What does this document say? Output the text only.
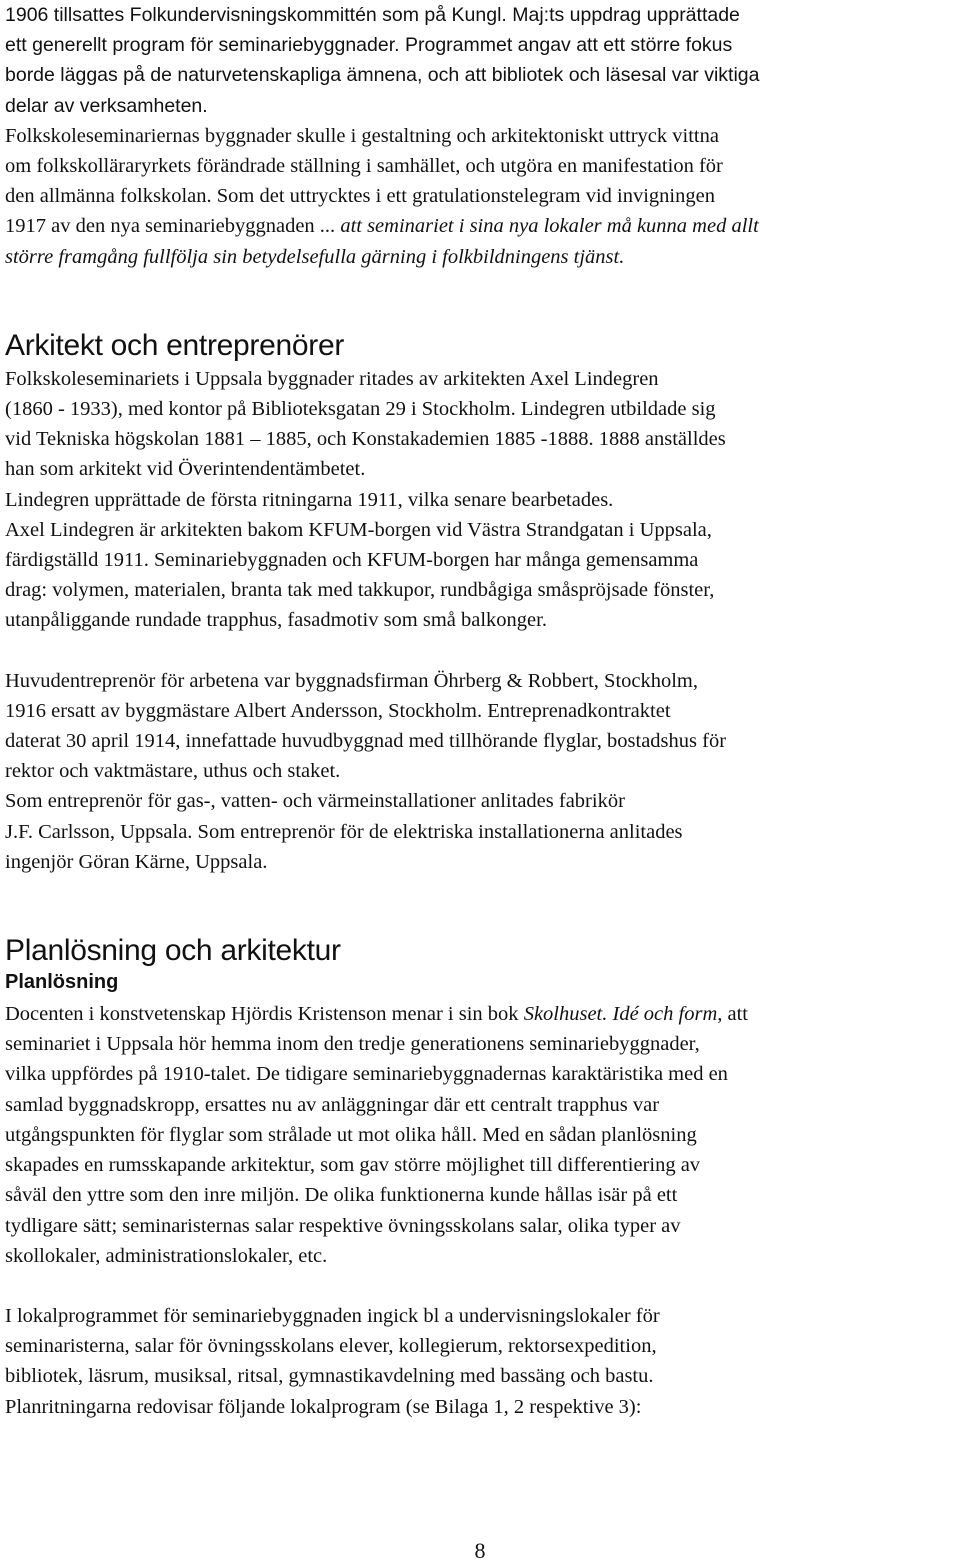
1906 tillsattes Folkundervisningskommittén som på Kungl. Maj:ts uppdrag upprättade

ett generellt program för seminariebyggnader. Programmet angav att ett större fokus

borde läggas på de naturvetenskapliga ämnena, och att bibliotek och läsesal var viktiga

delar av verksamheten.

Folkskoleseminariernas byggnader skulle i gestaltning och arkitektoniskt uttryck vittna

om folkskolläraryrkets förändrade ställning i samhället, och utgöra en manifestation för

den allmänna folkskolan. Som det uttrycktes i ett gratulationstelegram vid invigningen

1917 av den nya seminariebyggnaden ... att seminariet i sina nya lokaler må kunna med allt

större framgång fullfölja sin betydelsefulla gärning i folkbildningens tjänst.

Arkitekt och entreprenörer

Folkskoleseminariets i Uppsala byggnader ritades av arkitekten Axel Lindegren

(1860 - 1933), med kontor på Biblioteksgatan 29 i Stockholm. Lindegren utbildade sig

vid Tekniska högskolan 1881 – 1885, och Konstakademien 1885 -1888. 1888 anställdes

han som arkitekt vid Överintendentämbetet.

Lindegren upprättade de första ritningarna 1911, vilka senare bearbetades.

Axel Lindegren är arkitekten bakom KFUM-borgen vid Västra Strandgatan i Uppsala,

färdigställd 1911. Seminariebyggnaden och KFUM-borgen har många gemensamma

drag: volymen, materialen, branta tak med takkupor, rundbågiga småspröjsade fönster,

utanpåliggande rundade trapphus, fasadmotiv som små balkonger.

Huvudentreprenör för arbetena var byggnadsfirman Öhrberg & Robbert, Stockholm,

1916 ersatt av byggmästare Albert Andersson, Stockholm. Entreprenadkontraktet

daterat 30 april 1914, innefattade huvudbyggnad med tillhörande flyglar, bostadshus för

rektor och vaktmästare, uthus och staket.

Som entreprenör för gas-, vatten- och värmeinstallationer anlitades fabrikör

J.F. Carlsson, Uppsala. Som entreprenör för de elektriska installationerna anlitades

ingenjör Göran Kärne, Uppsala.

Planlösning och arkitektur
Planlösning

Docenten i konstvetenskap Hjördis Kristenson menar i sin bok Skolhuset. Idé och form, att

seminariet i Uppsala hör hemma inom den tredje generationens seminariebyggnader,

vilka uppfördes på 1910-talet. De tidigare seminariebyggnadernas karaktäristika med en

samlad byggnadskropp, ersattes nu av anläggningar där ett centralt trapphus var

utgångspunkten för flyglar som strålade ut mot olika håll. Med en sådan planlösning

skapades en rumsskapande arkitektur, som gav större möjlighet till differentiering av

såväl den yttre som den inre miljön. De olika funktionerna kunde hållas isär på ett

tydligare sätt; seminaristernas salar respektive övningsskolans salar, olika typer av

skollokaler, administrationslokaler, etc.

I lokalprogrammet för seminariebyggnaden ingick bl a undervisningslokaler för

seminaristerna, salar för övningsskolans elever, kollegierum, rektorsexpedition,

bibliotek, läsrum, musiksal, ritsal, gymnastikavdelning med bassäng och bastu.

Planritningarna redovisar följande lokalprogram (se Bilaga 1, 2 respektive 3):

8
